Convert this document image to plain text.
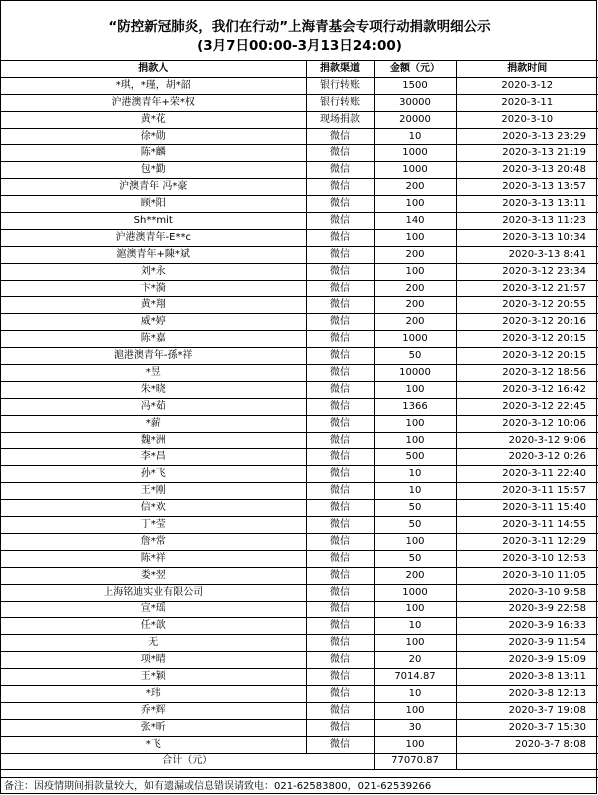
“防控新冠肺炎，我们在行动”上海青基会专项行动捐款明细公示
(3月7日00:00-3月13日24:00)
捐款人	捐款渠道	金额（元）	捐款时间
*琪，*瑾，胡*韶	银行转账	1500	2020-3-12
沪港澳青年+荣*权	银行转账	30000	2020-3-11
黄*花	现场捐款	20000	2020-3-10
徐*勋	微信	10	2020-3-13 23:29
陈*麟	微信	1000	2020-3-13 21:19
包*勤	微信	1000	2020-3-13 20:48
沪澳青年 冯*豪	微信	200	2020-3-13 13:57
顾*阳	微信	100	2020-3-13 13:11
Sh**mit	微信	140	2020-3-13 11:23
沪港澳青年-E**c	微信	100	2020-3-13 10:34
滬澳青年+陳*斌	微信	200	2020-3-13 8:41
刘*永	微信	100	2020-3-12 23:34
卞*漪	微信	200	2020-3-12 21:57
黄*翔	微信	200	2020-3-12 20:55
威*婷	微信	200	2020-3-12 20:16
陈*嘉	微信	1000	2020-3-12 20:15
滬港澳青年-孫*祥	微信	50	2020-3-12 20:15
*昱	微信	10000	2020-3-12 18:56
朱*晓	微信	100	2020-3-12 16:42
冯*茹	微信	1366	2020-3-12 22:45
*薪	微信	100	2020-3-12 10:06
魏*洲	微信	100	2020-3-12 9:06
李*昌	微信	500	2020-3-12 0:26
孙*飞	微信	10	2020-3-11 22:40
王*刚	微信	10	2020-3-11 15:57
信*欢	微信	50	2020-3-11 15:40
丁*莹	微信	50	2020-3-11 14:55
詹*常	微信	100	2020-3-11 12:29
陈*祥	微信	50	2020-3-10 12:53
娄*翌	微信	200	2020-3-10 11:05
上海铭迪实业有限公司	微信	1000	2020-3-10 9:58
宣*瑶	微信	100	2020-3-9 22:58
任*歆	微信	10	2020-3-9 16:33
无	微信	100	2020-3-9 11:54
项*晴	微信	20	2020-3-9 15:09
王*颖	微信	7014.87	2020-3-8 13:11
*玮	微信	10	2020-3-8 12:13
乔*辉	微信	100	2020-3-7 19:08
张*昕	微信	30	2020-3-7 15:30
*飞	微信	100	2020-3-7 8:08
合计（元）		77070.87	
备注：因疫情期间捐款量较大，如有遗漏或信息错误请致电：021-62583800，021-62539266
